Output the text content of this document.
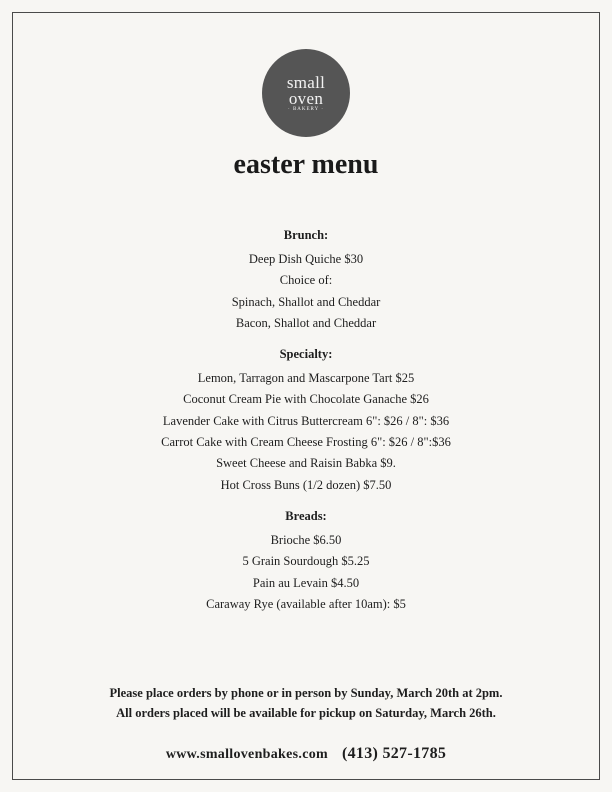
small
oven
· BAKERY ·
easter menu
Brunch:
Deep Dish Quiche $30
Choice of:
Spinach, Shallot and Cheddar
Bacon, Shallot and Cheddar
Specialty:
Lemon, Tarragon and Mascarpone Tart $25
Coconut Cream Pie with Chocolate Ganache $26
Lavender Cake with Citrus Buttercream 6": $26 / 8": $36
Carrot Cake with Cream Cheese Frosting 6": $26 / 8":$36
Sweet Cheese and Raisin Babka $9.
Hot Cross Buns (1/2 dozen) $7.50
Breads:
Brioche $6.50
5 Grain Sourdough $5.25
Pain au Levain $4.50
Caraway Rye (available after 10am): $5
Please place orders by phone or in person by Sunday, March 20th at 2pm.
All orders placed will be available for pickup on Saturday, March 26th.
www.smallovenbakes.com (413) 527-1785
